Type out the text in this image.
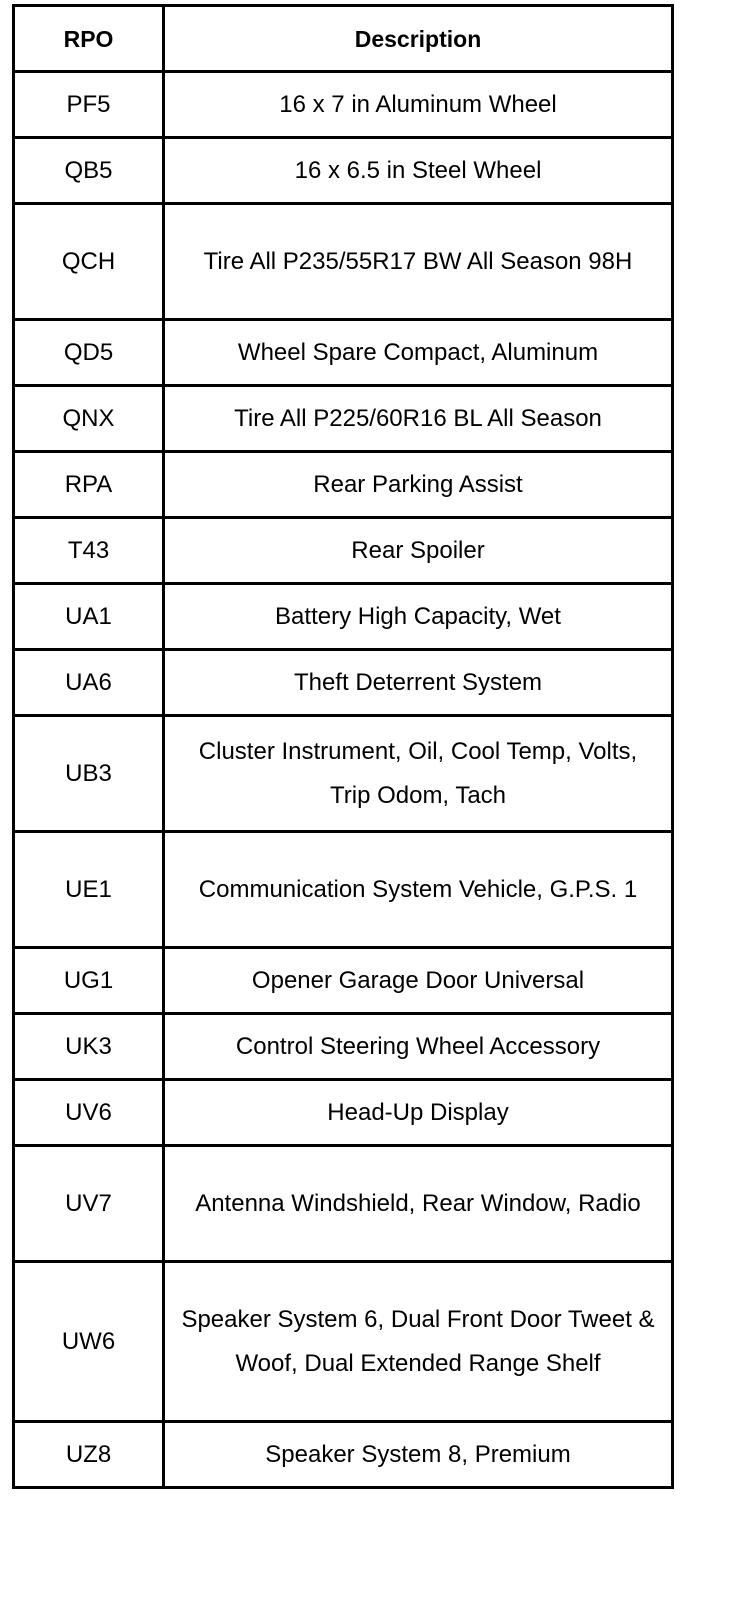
RPO	Description
PF5	16 x 7 in Aluminum Wheel
QB5	16 x 6.5 in Steel Wheel
QCH	Tire All P235/55R17 BW All Season 98H
QD5	Wheel Spare Compact, Aluminum
QNX	Tire All P225/60R16 BL All Season
RPA	Rear Parking Assist
T43	Rear Spoiler
UA1	Battery High Capacity, Wet
UA6	Theft Deterrent System
UB3	Cluster Instrument, Oil, Cool Temp, Volts, Trip Odom, Tach
UE1	Communication System Vehicle, G.P.S. 1
UG1	Opener Garage Door Universal
UK3	Control Steering Wheel Accessory
UV6	Head-Up Display
UV7	Antenna Windshield, Rear Window, Radio
UW6	Speaker System 6, Dual Front Door Tweet & Woof, Dual Extended Range Shelf
UZ8	Speaker System 8, Premium
